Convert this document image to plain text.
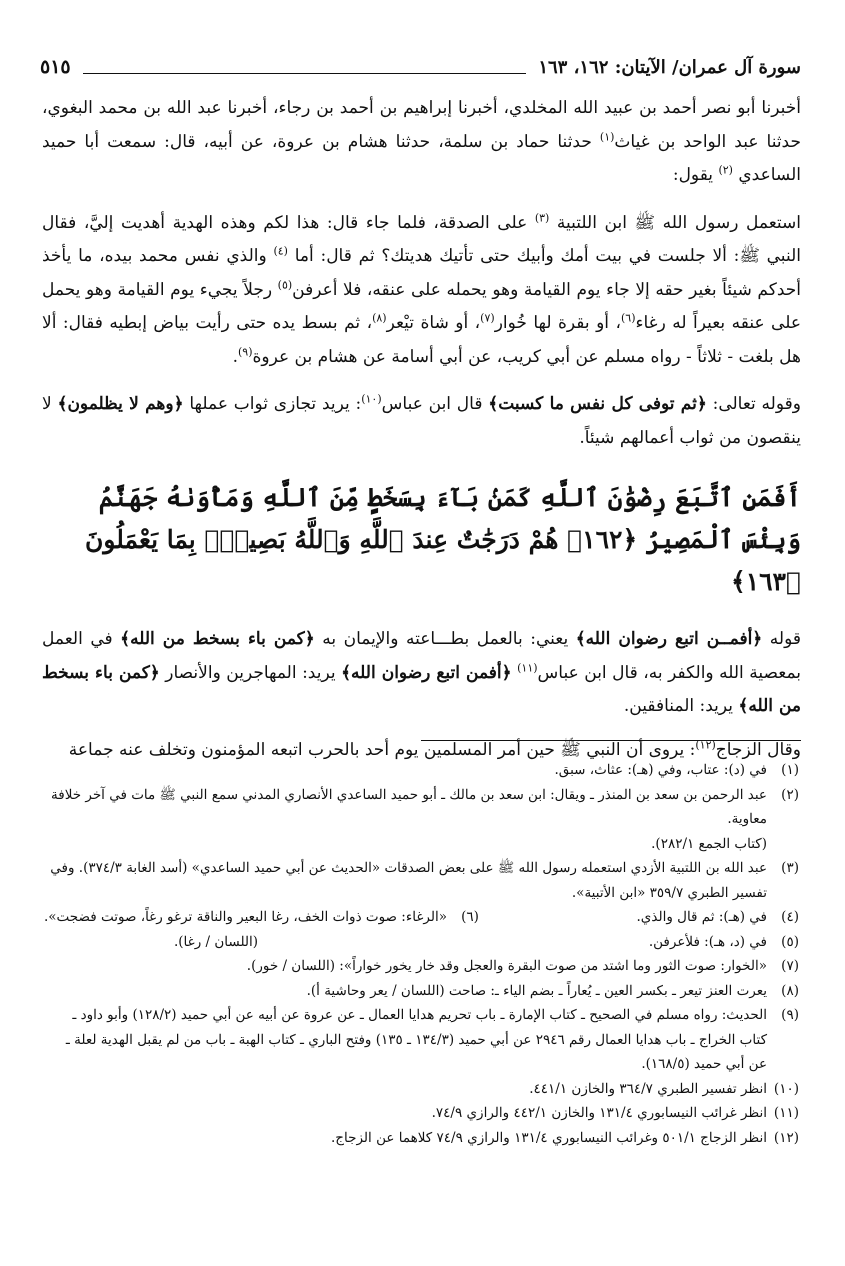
سورة آل عمران/ الآيتان: ١٦٢، ١٦٣
٥١٥

أخبرنا أبو نصر أحمد بن عبيد الله المخلدي، أخبرنا إبراهيم بن أحمد بن رجاء، أخبرنا عبد الله بن محمد البغوي، حدثنا عبد الواحد بن غياث$^{(١)}$ حدثنا حماد بن سلمة، حدثنا هشام بن عروة، عن أبيه، قال: سمعت أبا حميد الساعدي $^{(٢)}$ يقول:

استعمل رسول الله ﷺ ابن اللتبية $^{(٣)}$ على الصدقة، فلما جاء قال: هذا لكم وهذه الهدية أهديت إليَّ، فقال النبي ﷺ: ألا جلست في بيت أمك وأبيك حتى تأتيك هديتك؟ ثم قال: أما $^{(٤)}$ والذي نفس محمد بيده، ما يأخذ أحدكم شيئاً بغير حقه إلا جاء يوم القيامة وهو يحمله على عنقه، فلا أعرفن$^{(٥)}$ رجلاً يجيء يوم القيامة وهو يحمل على عنقه بعيراً له رغاء$^{(٦)}$، أو بقرة لها خُوار$^{(٧)}$، أو شاة تيْعر$^{(٨)}$، ثم بسط يده حتى رأيت بياض إبطيه فقال: ألا هل بلغت - ثلاثاً - رواه مسلم عن أبي كريب، عن أبي أسامة عن هشام بن عروة$^{(٩)}$.

وقوله تعالى: ﴿ثم توفى كل نفس ما كسبت﴾ قال ابن عباس$^{(١٠)}$: يريد تجازى ثواب عملها ﴿وهم لا يظلمون﴾ لا ينقصون من ثواب أعمالهم شيئاً.

أَفَمَنِ ٱتَّبَعَ رِضْوَٰنَ ٱللَّهِ كَمَنۢ بَآءَ بِسَخَطٍ مِّنَ ٱللَّهِ وَمَأْوَىٰهُ جَهَنَّمُ وَبِئْسَ ٱلْمَصِيرُ ﴿١٦٢﴾ هُمْ دَرَجَٰتٌ عِندَ ٱللَّهِ وَٱللَّهُ بَصِيرٌۢ بِمَا يَعْمَلُونَ ﴿١٦٣﴾

قوله ﴿أفمــن اتبع رضوان الله﴾ يعني: بالعمل بطـــاعته والإيمان به ﴿كمن باء بسخط من الله﴾ في العمل بمعصية الله والكفر به، قال ابن عباس$^{(١١)}$ ﴿أفمن اتبع رضوان الله﴾ يريد: المهاجرين والأنصار ﴿كمن باء بسخط من الله﴾ يريد: المنافقين.

وقال الزجاج$^{(١٢)}$: يروى أن النبي ﷺ حين أمر المسلمين يوم أحد بالحرب اتبعه المؤمنون وتخلف عنه جماعة

(١)
في (د): عتاب، وفي (هـ): عثاث، سبق.
(٢)
عبد الرحمن بن سعد بن المنذر ـ ويقال: ابن سعد بن مالك ـ أبو حميد الساعدي الأنصاري المدني سمع النبي ﷺ مات في آخر خلافة معاوية.

(كتاب الجمع ٢٨٢/١).

(٣)
عبد الله بن اللتبية الأزدي استعمله رسول الله ﷺ على بعض الصدقات «الحديث عن أبي حميد الساعدي» (أسد الغابة ٣٧٤/٣). وفي تفسير الطبري ٣٥٩/٧ «ابن الأتبية».
(٤)
في (هـ): ثم قال والذي.
(٦)
«الرغاء: صوت ذوات الخف، رغا البعير والناقة ترغو رغاً، صوتت فضجت».
(٥)
في (د، هـ): فلأعرفن.
(اللسان / رغا).
(٧)
«الخوار: صوت الثور وما اشتد من صوت البقرة والعجل وقد خار يخور خواراً»: (اللسان / خور).
(٨)
يعرت العنز تيعر ـ بكسر العين ـ يُعاراً ـ بضم الياء ـ: صاحت (اللسان / يعر وحاشية أ).
(٩)
الحديث: رواه مسلم في الصحيح ـ كتاب الإمارة ـ باب تحريم هدايا العمال ـ عن عروة عن أبيه عن أبي حميد (١٢٨/٢) وأبو داود ـ كتاب الخراج ـ باب هدايا العمال رقم ٢٩٤٦ عن أبي حميد (١٣٤/٣ ـ ١٣٥) وفتح الباري ـ كتاب الهبة ـ باب من لم يقبل الهدية لعلة ـ عن أبي حميد (١٦٨/٥).
(١٠)
انظر تفسير الطبري ٣٦٤/٧ والخازن ٤٤١/١.
(١١)
انظر غرائب النيسابوري ١٣١/٤ والخازن ٤٤٢/١ والرازي ٧٤/٩.
(١٢)
انظر الزجاج ٥٠١/١ وغرائب النيسابوري ١٣١/٤ والرازي ٧٤/٩ كلاهما عن الزجاج.
